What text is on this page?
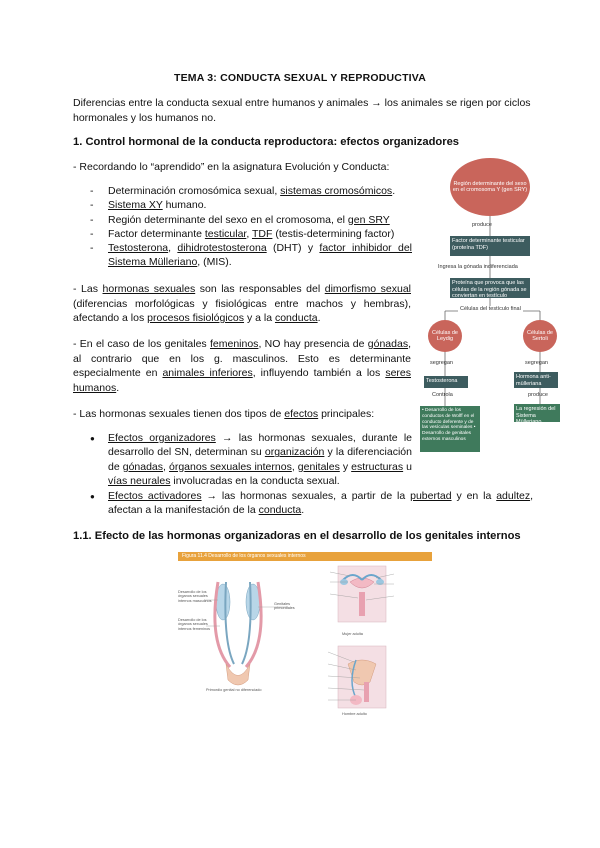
TEMA 3: CONDUCTA SEXUAL Y REPRODUCTIVA
Diferencias entre la conducta sexual entre humanos y animales → los animales se rigen por ciclos hormonales y los humanos no.
1. Control hormonal de la conducta reproductora: efectos organizadores
- Recordando lo “aprendido” en la asignatura Evolución y Conducta:
- Determinación cromosómica sexual, sistemas cromosómicos.
- Sistema XY humano.
- Región determinante del sexo en el cromosoma, el gen SRY
- Factor determinante testicular, TDF (testis-determining factor)
- Testosterona, dihidrotestosterona (DHT) y factor inhibidor del Sistema Mülleriano, (MIS).
- Las hormonas sexuales son las responsables del dimorfismo sexual (diferencias morfológicas y fisiológicas entre machos y hembras), afectando a los procesos fisiológicos y a la conducta.
- En el caso de los genitales femeninos, NO hay presencia de gónadas, al contrario que en los g. masculinos. Esto es determinante especialmente en animales inferiores, influyendo también a los seres humanos.
- Las hormonas sexuales tienen dos tipos de efectos principales:
● Efectos organizadores → las hormonas sexuales, durante le desarrollo del SN, determinan su organización y la diferenciación de gónadas, órganos sexuales internos, genitales y estructuras u vías neurales involucradas en la conducta sexual.
● Efectos activadores → las hormonas sexuales, a partir de la pubertad y en la adultez, afectan a la manifestación de la conducta.
1.1. Efecto de las hormonas organizadoras en el desarrollo de los genitales internos
Región determinante del sexo en el cromosoma Y (gen SRY)
produce
Factor determinante testicular (proteína TDF)
Ingresa la gónada indiferenciada
Proteína que provoca que las células de la región gónada se conviertan en testículo
Células del testículo final
Células de Leydig
Células de Sertoli
segregan	segregan
Testosterona
Hormona anti-mülleriana
Controla	produce
• Desarrollo de los conductos de Wolff en el conducto deferente y de las vesículas seminales • Desarrollo de genitales externos masculinos
La regresión del Sistema Mülleriano
Figura 11.4 Desarrollo de los órganos sexuales internos
Desarrollo de los órganos sexuales internos masculinos
Desarrollo de los órganos sexuales internos femeninos
Genitales primordiales
Primordio genital no diferenciado
Mujer adulta
Hombre adulto
